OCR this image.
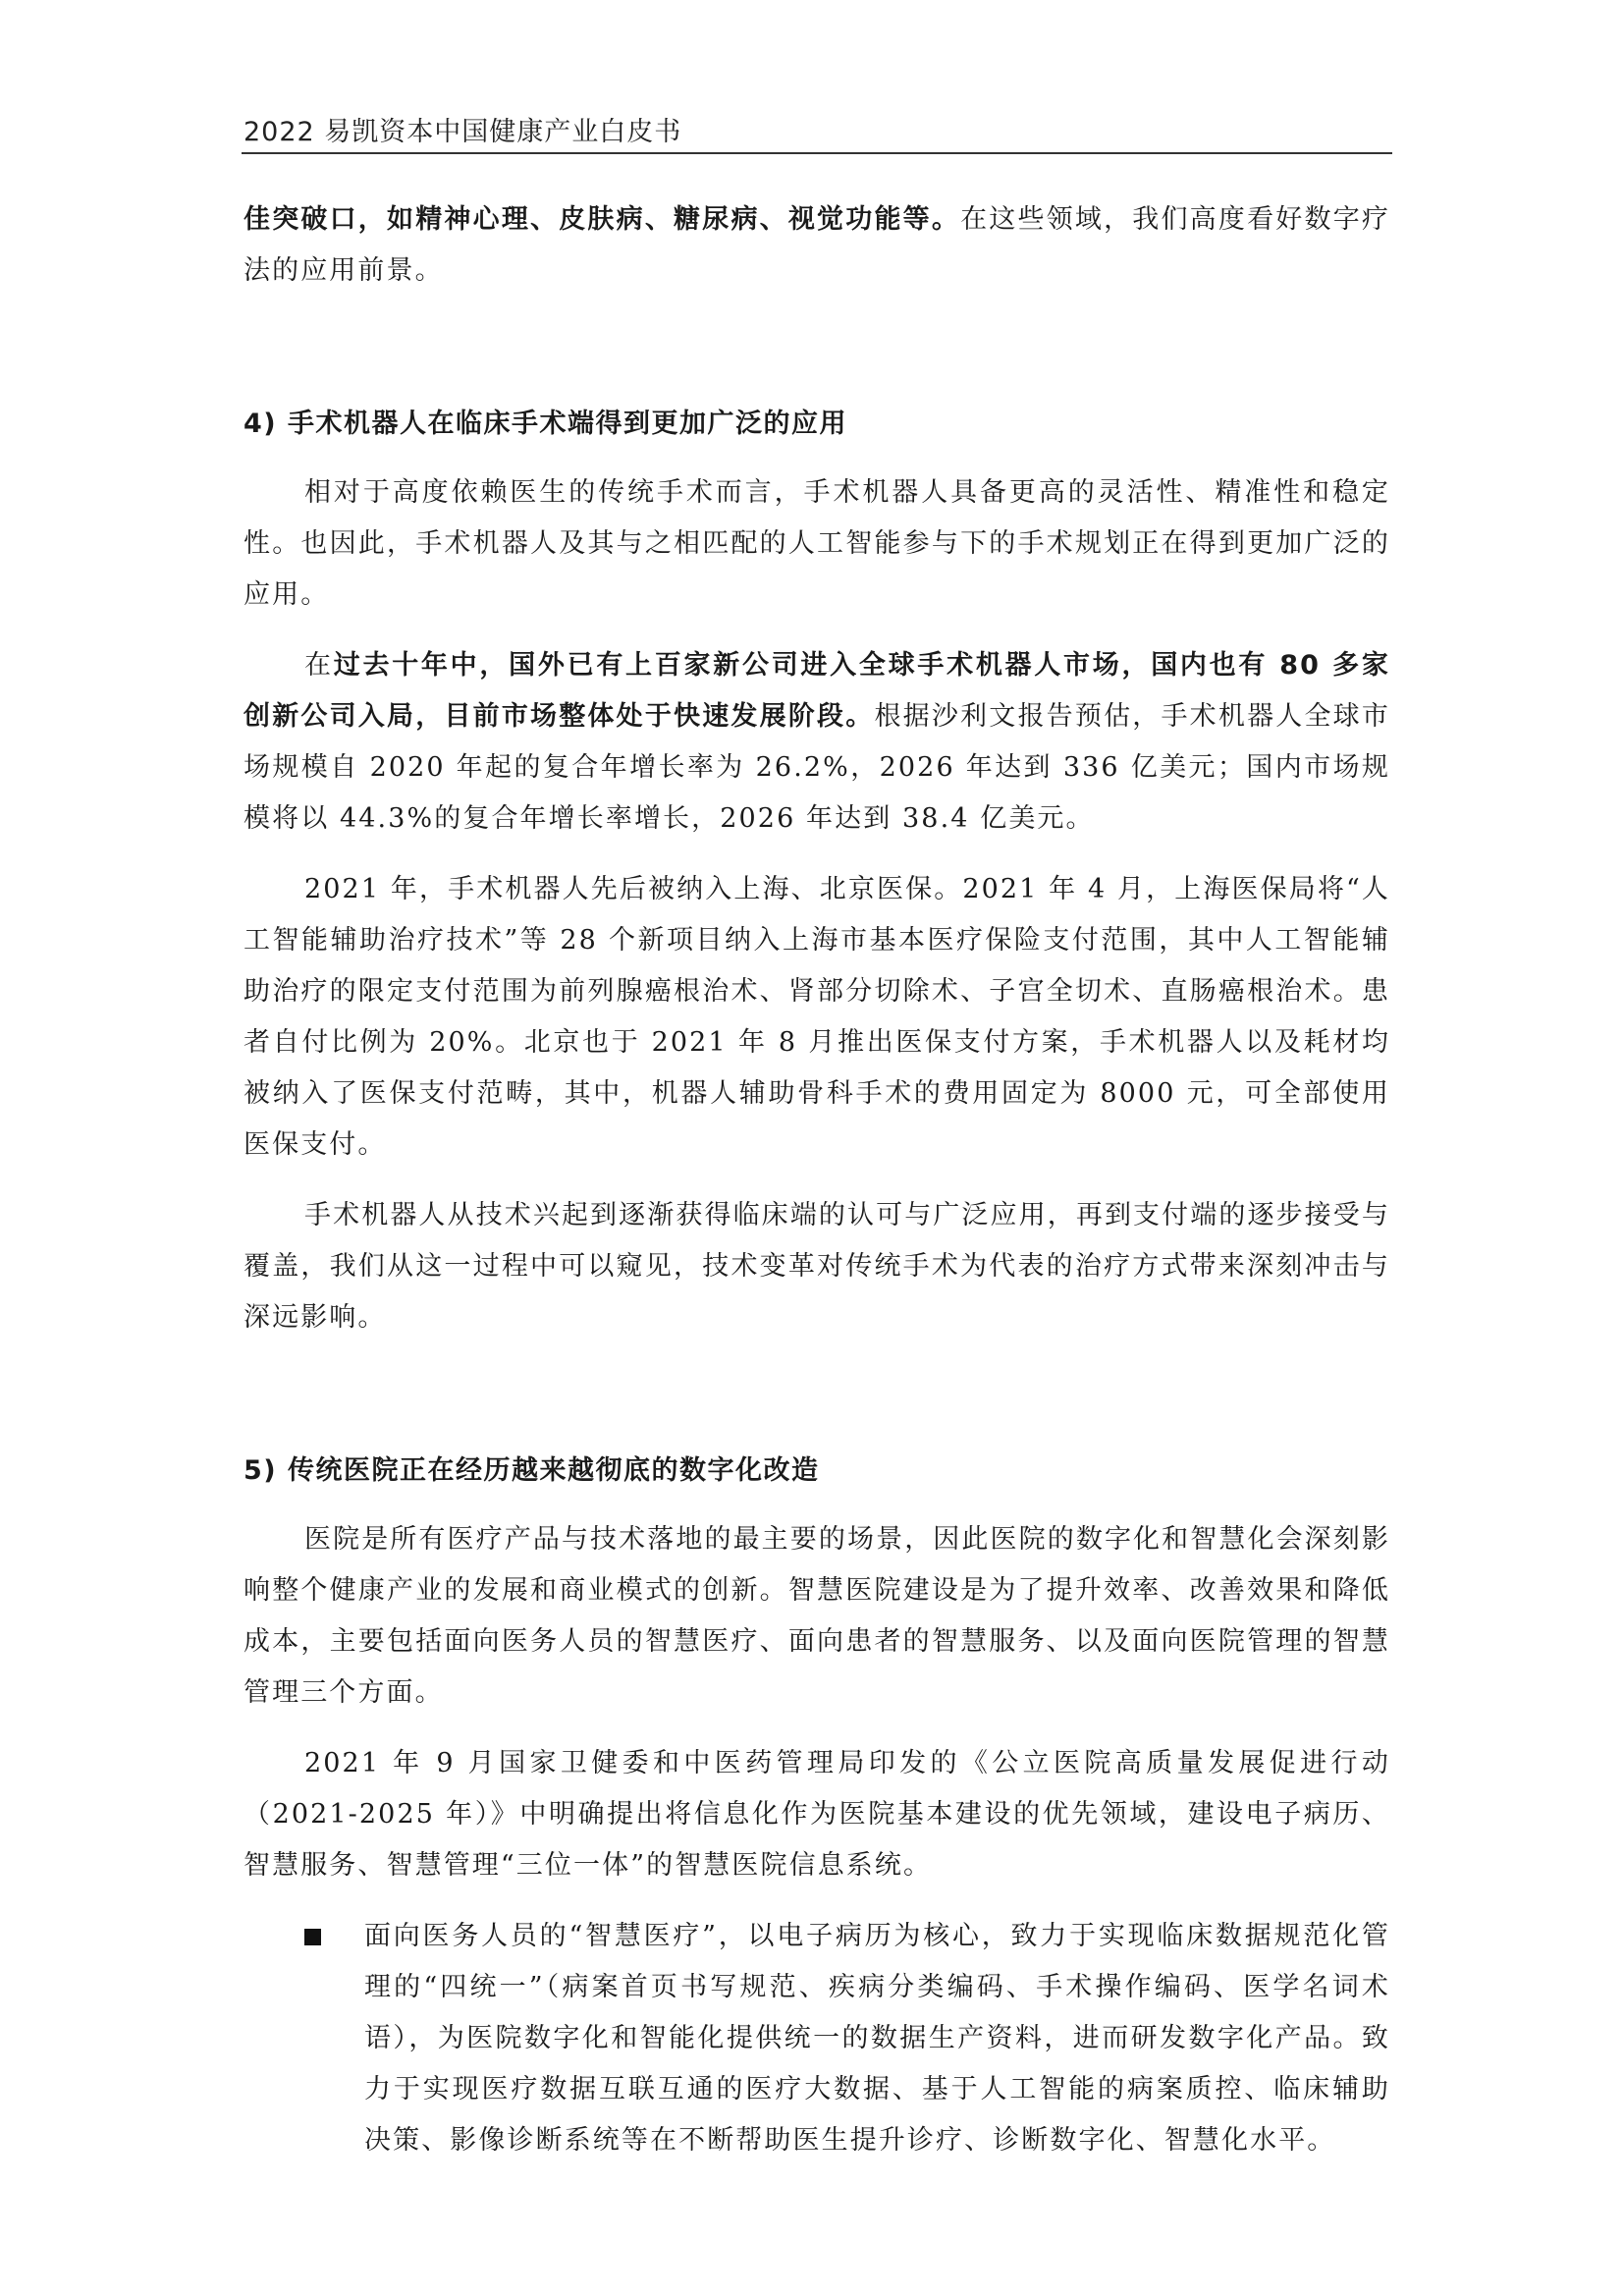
2022 易凯资本中国健康产业白皮书

佳突破口，如精神心理、皮肤病、糖尿病、视觉功能等。在这些领域，我们高度看好数字疗法的应用前景。

4) 手术机器人在临床手术端得到更加广泛的应用

相对于高度依赖医生的传统手术而言，手术机器人具备更高的灵活性、精准性和稳定性。也因此，手术机器人及其与之相匹配的人工智能参与下的手术规划正在得到更加广泛的应用。

在过去十年中，国外已有上百家新公司进入全球手术机器人市场，国内也有 80 多家创新公司入局，目前市场整体处于快速发展阶段。根据沙利文报告预估，手术机器人全球市场规模自 2020 年起的复合年增长率为 26.2%，2026 年达到 336 亿美元；国内市场规模将以 44.3%的复合年增长率增长，2026 年达到 38.4 亿美元。

2021 年，手术机器人先后被纳入上海、北京医保。2021 年 4 月，上海医保局将“人工智能辅助治疗技术”等 28 个新项目纳入上海市基本医疗保险支付范围，其中人工智能辅助治疗的限定支付范围为前列腺癌根治术、肾部分切除术、子宫全切术、直肠癌根治术。患者自付比例为 20%。北京也于 2021 年 8 月推出医保支付方案，手术机器人以及耗材均被纳入了医保支付范畴，其中，机器人辅助骨科手术的费用固定为 8000 元，可全部使用医保支付。

手术机器人从技术兴起到逐渐获得临床端的认可与广泛应用，再到支付端的逐步接受与覆盖，我们从这一过程中可以窥见，技术变革对传统手术为代表的治疗方式带来深刻冲击与深远影响。

5) 传统医院正在经历越来越彻底的数字化改造

医院是所有医疗产品与技术落地的最主要的场景，因此医院的数字化和智慧化会深刻影响整个健康产业的发展和商业模式的创新。智慧医院建设是为了提升效率、改善效果和降低成本，主要包括面向医务人员的智慧医疗、面向患者的智慧服务、以及面向医院管理的智慧管理三个方面。

2021 年 9 月国家卫健委和中医药管理局印发的《公立医院高质量发展促进行动（2021-2025 年）》中明确提出将信息化作为医院基本建设的优先领域，建设电子病历、智慧服务、智慧管理“三位一体”的智慧医院信息系统。

面向医务人员的“智慧医疗”，以电子病历为核心，致力于实现临床数据规范化管理的“四统一”（病案首页书写规范、疾病分类编码、手术操作编码、医学名词术语），为医院数字化和智能化提供统一的数据生产资料，进而研发数字化产品。致力于实现医疗数据互联互通的医疗大数据、基于人工智能的病案质控、临床辅助决策、影像诊断系统等在不断帮助医生提升诊疗、诊断数字化、智慧化水平。
